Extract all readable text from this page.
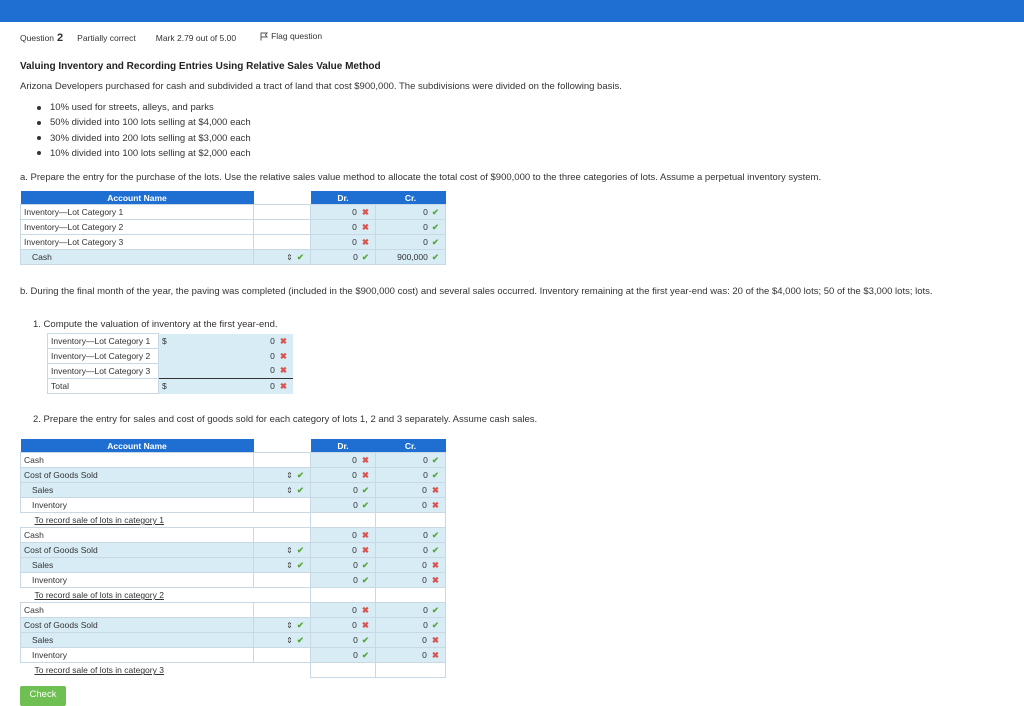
Question 2 Partially correct Mark 2.79 out of 5.00	Flag question
Valuing Inventory and Recording Entries Using Relative Sales Value Method
Arizona Developers purchased for cash and subdivided a tract of land that cost $900,000. The subdivisions were divided on the following basis.
10% used for streets, alleys, and parks
50% divided into 100 lots selling at $4,000 each
30% divided into 200 lots selling at $3,000 each
10% divided into 100 lots selling at $2,000 each
a. Prepare the entry for the purchase of the lots. Use the relative sales value method to allocate the total cost of $900,000 to the three categories of lots. Assume a perpetual inventory system.
Account Name		Dr.	Cr.
Inventory—Lot Category 1		0 ✖	0 ✔
Inventory—Lot Category 2		0 ✖	0 ✔
Inventory—Lot Category 3		0 ✖	0 ✔
Cash	⇕ ✔	0 ✔	900,000 ✔
b. During the final month of the year, the paving was completed (included in the $900,000 cost) and several sales occurred. Inventory remaining at the first year-end was: 20 of the $4,000 lots; 50 of the $3,000 lots; lots.
1. Compute the valuation of inventory at the first year-end.
Inventory—Lot Category 1	$	0 ✖
Inventory—Lot Category 2		0 ✖
Inventory—Lot Category 3		0 ✖
Total	$	0 ✖
2. Prepare the entry for sales and cost of goods sold for each category of lots 1, 2 and 3 separately. Assume cash sales.
Account Name		Dr.	Cr.
Cash		0 ✖	0 ✔
Cost of Goods Sold	⇕ ✔	0 ✖	0 ✔
Sales	⇕ ✔	0 ✔	0 ✖
Inventory		0 ✔	0 ✖
To record sale of lots in category 1			
Cash		0 ✖	0 ✔
Cost of Goods Sold	⇕ ✔	0 ✖	0 ✔
Sales	⇕ ✔	0 ✔	0 ✖
Inventory		0 ✔	0 ✖
To record sale of lots in category 2			
Cash		0 ✖	0 ✔
Cost of Goods Sold	⇕ ✔	0 ✖	0 ✔
Sales	⇕ ✔	0 ✔	0 ✖
Inventory		0 ✔	0 ✖
To record sale of lots in category 3			
Check
